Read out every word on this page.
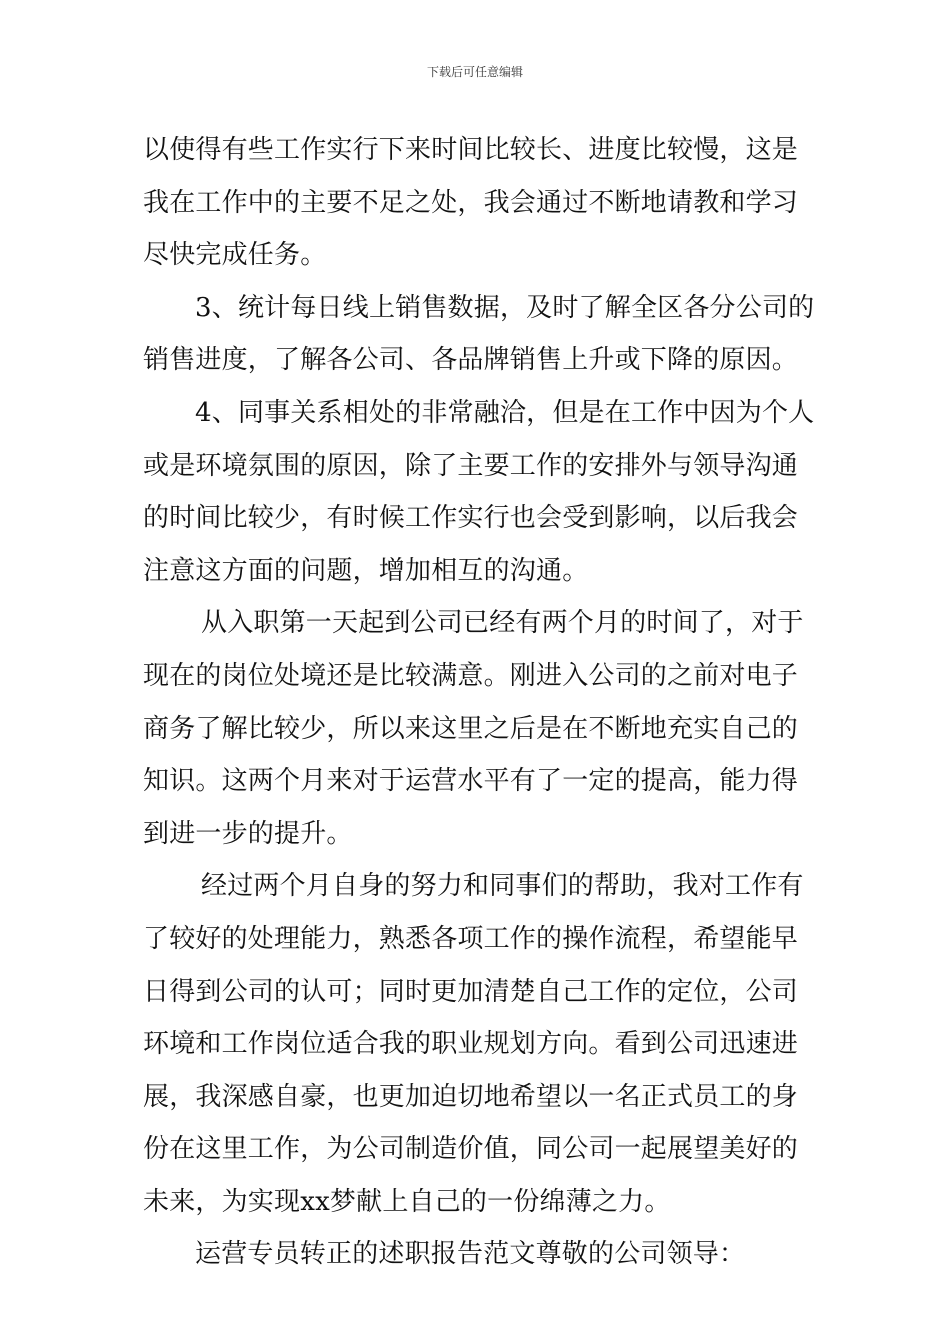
下载后可任意编辑
以使得有些工作实行下来时间比较长、进度比较慢，这是
我在工作中的主要不足之处，我会通过不断地请教和学习
尽快完成任务。
3、统计每日线上销售数据，及时了解全区各分公司的
销售进度，了解各公司、各品牌销售上升或下降的原因。
4、同事关系相处的非常融洽，但是在工作中因为个人
或是环境氛围的原因，除了主要工作的安排外与领导沟通
的时间比较少，有时候工作实行也会受到影响，以后我会
注意这方面的问题，增加相互的沟通。
从入职第一天起到公司已经有两个月的时间了，对于
现在的岗位处境还是比较满意。刚进入公司的之前对电子
商务了解比较少，所以来这里之后是在不断地充实自己的
知识。这两个月来对于运营水平有了一定的提高，能力得
到进一步的提升。
经过两个月自身的努力和同事们的帮助，我对工作有
了较好的处理能力，熟悉各项工作的操作流程，希望能早
日得到公司的认可；同时更加清楚自己工作的定位，公司
环境和工作岗位适合我的职业规划方向。看到公司迅速进
展，我深感自豪，也更加迫切地希望以一名正式员工的身
份在这里工作，为公司制造价值，同公司一起展望美好的
未来，为实现xx梦献上自己的一份绵薄之力。
运营专员转正的述职报告范文尊敬的公司领导：
